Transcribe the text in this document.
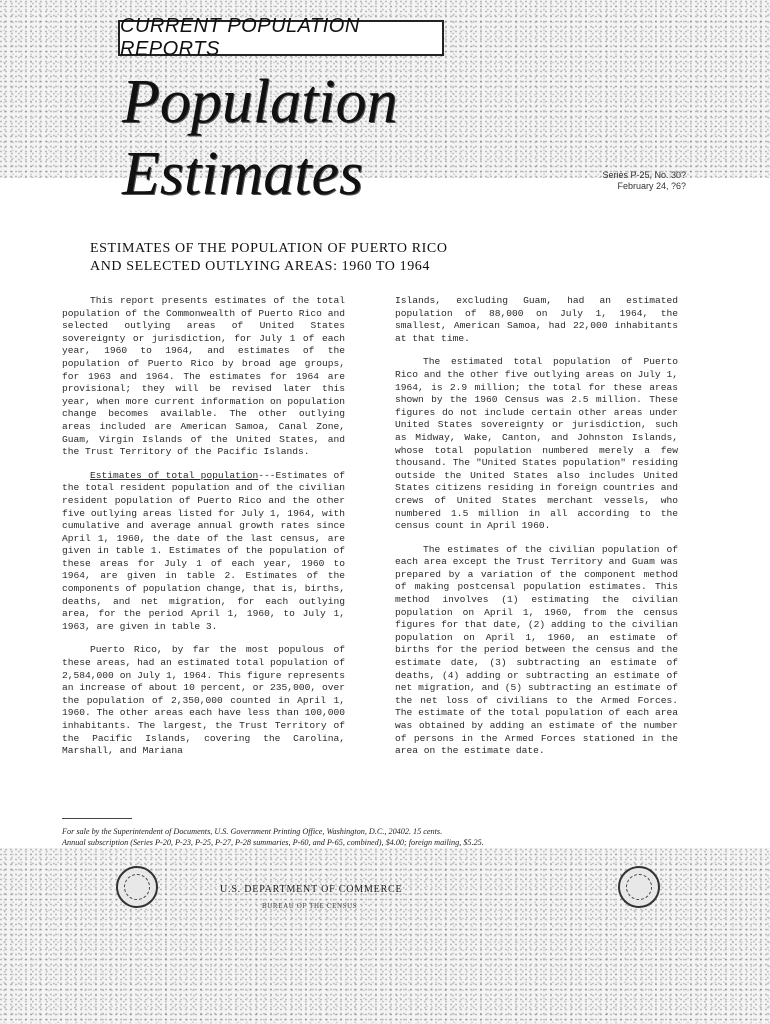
CURRENT POPULATION REPORTS
Population Estimates	Series P-25, No. 30?
February 24, ?6?
ESTIMATES OF THE POPULATION OF PUERTO RICO
AND SELECTED OUTLYING AREAS: 1960 TO 1964

This report presents estimates of the total population of the Commonwealth of Puerto Rico and selected outlying areas of United States sovereignty or jurisdiction, for July 1 of each year, 1960 to 1964, and estimates of the population of Puerto Rico by broad age groups, for 1963 and 1964. The estimates for 1964 are provisional; they will be revised later this year, when more current information on population change becomes available. The other outlying areas included are American Samoa, Canal Zone, Guam, Virgin Islands of the United States, and the Trust Territory of the Pacific Islands.

Estimates of total population---Estimates of the total resident population and of the civilian resident population of Puerto Rico and the other five outlying areas listed for July 1, 1964, with cumulative and average annual growth rates since April 1, 1960, the date of the last census, are given in table 1. Estimates of the population of these areas for July 1 of each year, 1960 to 1964, are given in table 2. Estimates of the components of population change, that is, births, deaths, and net migration, for each outlying area, for the period April 1, 1960, to July 1, 1963, are given in table 3.

Puerto Rico, by far the most populous of these areas, had an estimated total population of 2,584,000 on July 1, 1964. This figure represents an increase of about 10 percent, or 235,000, over the population of 2,350,000 counted in April 1, 1960. The other areas each have less than 100,000 inhabitants. The largest, the Trust Territory of the Pacific Islands, covering the Carolina, Marshall, and Mariana

Islands, excluding Guam, had an estimated population of 88,000 on July 1, 1964, the smallest, American Samoa, had 22,000 inhabitants at that time.

The estimated total population of Puerto Rico and the other five outlying areas on July 1, 1964, is 2.9 million; the total for these areas shown by the 1960 Census was 2.5 million. These figures do not include certain other areas under United States sovereignty or jurisdiction, such as Midway, Wake, Canton, and Johnston Islands, whose total population numbered merely a few thousand. The "United States population" residing outside the United States also includes United States citizens residing in foreign countries and crews of United States merchant vessels, who numbered 1.5 million in all according to the census count in April 1960.

The estimates of the civilian population of each area except the Trust Territory and Guam was prepared by a variation of the component method of making postcensal population estimates. This method involves (1) estimating the civilian population on April 1, 1960, from the census figures for that date, (2) adding to the civilian population on April 1, 1960, an estimate of births for the period between the census and the estimate date, (3) subtracting an estimate of deaths, (4) adding or subtracting an estimate of net migration, and (5) subtracting an estimate of the net loss of civilians to the Armed Forces. The estimate of the total population of each area was obtained by adding an estimate of the number of persons in the Armed Forces stationed in the area on the estimate date.

For sale by the Superintendent of Documents, U.S. Government Printing Office, Washington, D.C., 20402. 15 cents.
Annual subscription (Series P-20, P-23, P-25, P-27, P-28 summaries, P-60, and P-65, combined), $4.00; foreign mailing, $5.25.
U.S. DEPARTMENT OF COMMERCE
BUREAU OF THE CENSUS
